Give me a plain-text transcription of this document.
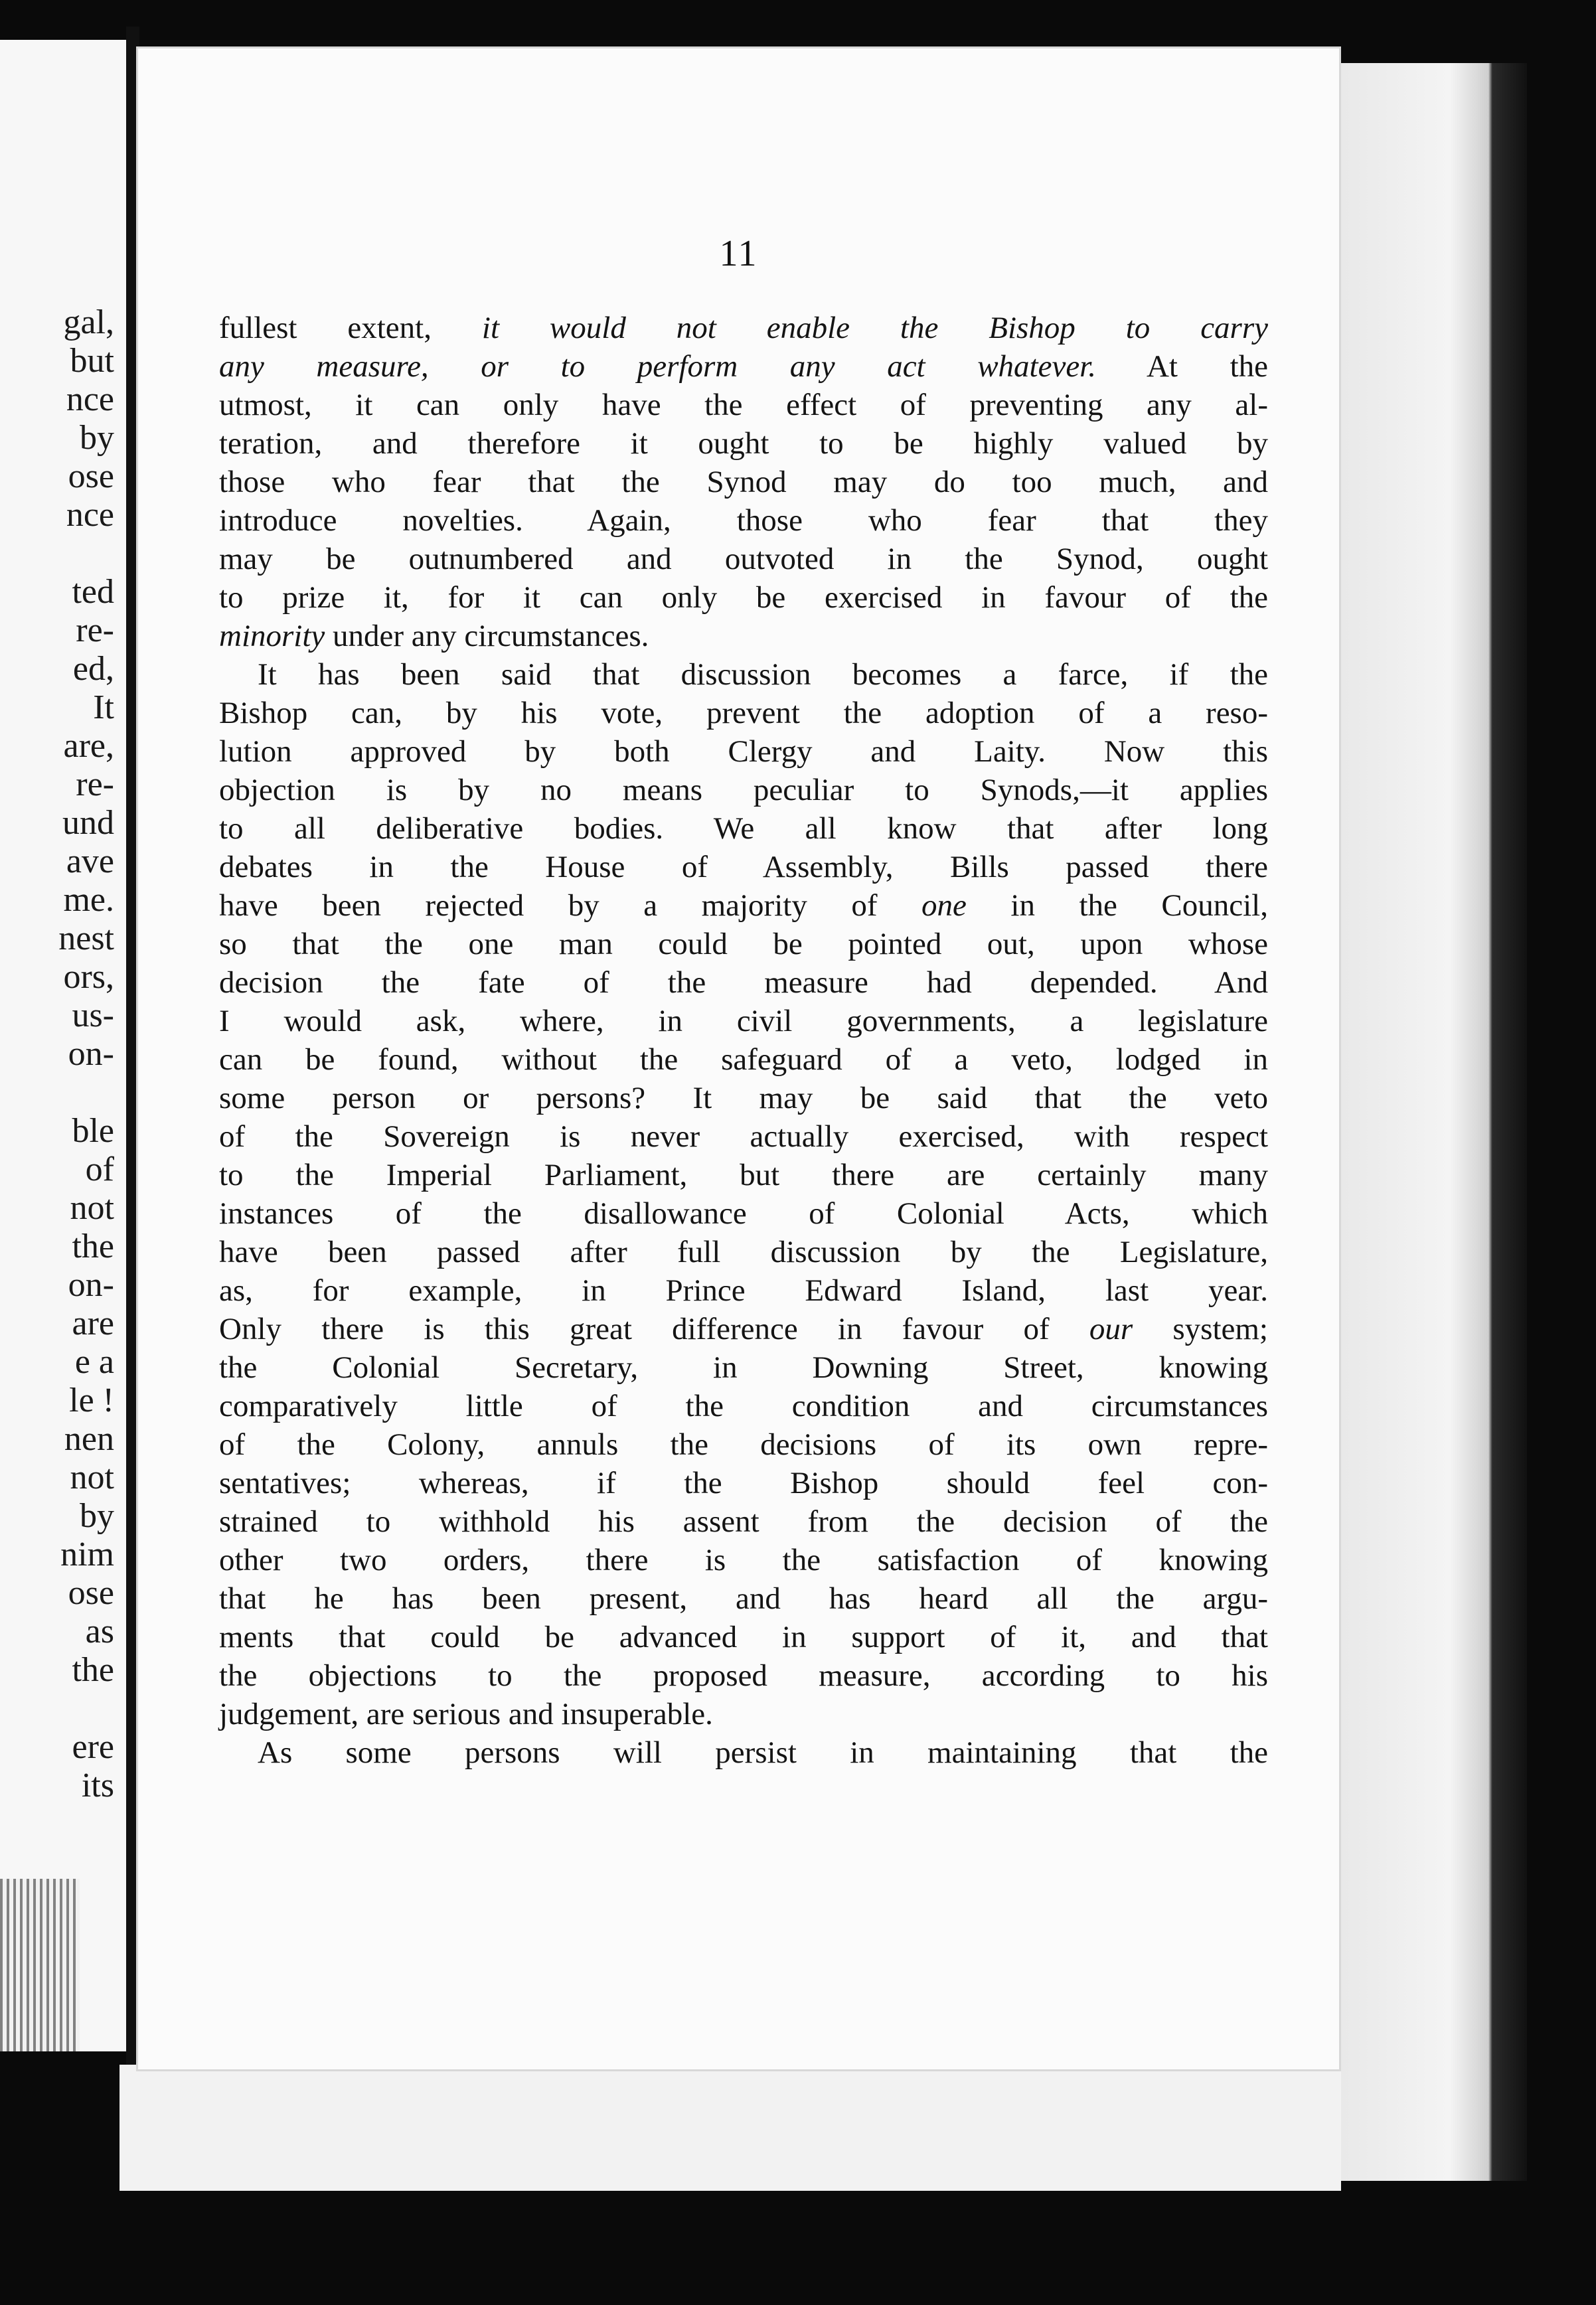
gal,
but
nce
by
ose
nce
ted
re-
ed,
It
are,
re-
und
ave
me.
nest
ors,
us-
on-
ble
of
not
the
on-
are
e a
le !
nen
not
by
nim
ose
as
the
ere
its
11
fullest extent, it would not enable the Bishop to carry
any measure, or to perform any act whatever. At the
utmost, it can only have the effect of preventing any al-
teration, and therefore it ought to be highly valued by
those who fear that the Synod may do too much, and
introduce novelties. Again, those who fear that they
may be outnumbered and outvoted in the Synod, ought
to prize it, for it can only be exercised in favour of the
minority under any circumstances.
It has been said that discussion becomes a farce, if the
Bishop can, by his vote, prevent the adoption of a reso-
lution approved by both Clergy and Laity. Now this
objection is by no means peculiar to Synods,—it applies
to all deliberative bodies. We all know that after long
debates in the House of Assembly, Bills passed there
have been rejected by a majority of one in the Council,
so that the one man could be pointed out, upon whose
decision the fate of the measure had depended. And
I would ask, where, in civil governments, a legislature
can be found, without the safeguard of a veto, lodged in
some person or persons? It may be said that the veto
of the Sovereign is never actually exercised, with respect
to the Imperial Parliament, but there are certainly many
instances of the disallowance of Colonial Acts, which
have been passed after full discussion by the Legislature,
as, for example, in Prince Edward Island, last year.
Only there is this great difference in favour of our system;
the Colonial Secretary, in Downing Street, knowing
comparatively little of the condition and circumstances
of the Colony, annuls the decisions of its own repre-
sentatives; whereas, if the Bishop should feel con-
strained to withhold his assent from the decision of the
other two orders, there is the satisfaction of knowing
that he has been present, and has heard all the argu-
ments that could be advanced in support of it, and that
the objections to the proposed measure, according to his
judgement, are serious and insuperable.
As some persons will persist in maintaining that the
